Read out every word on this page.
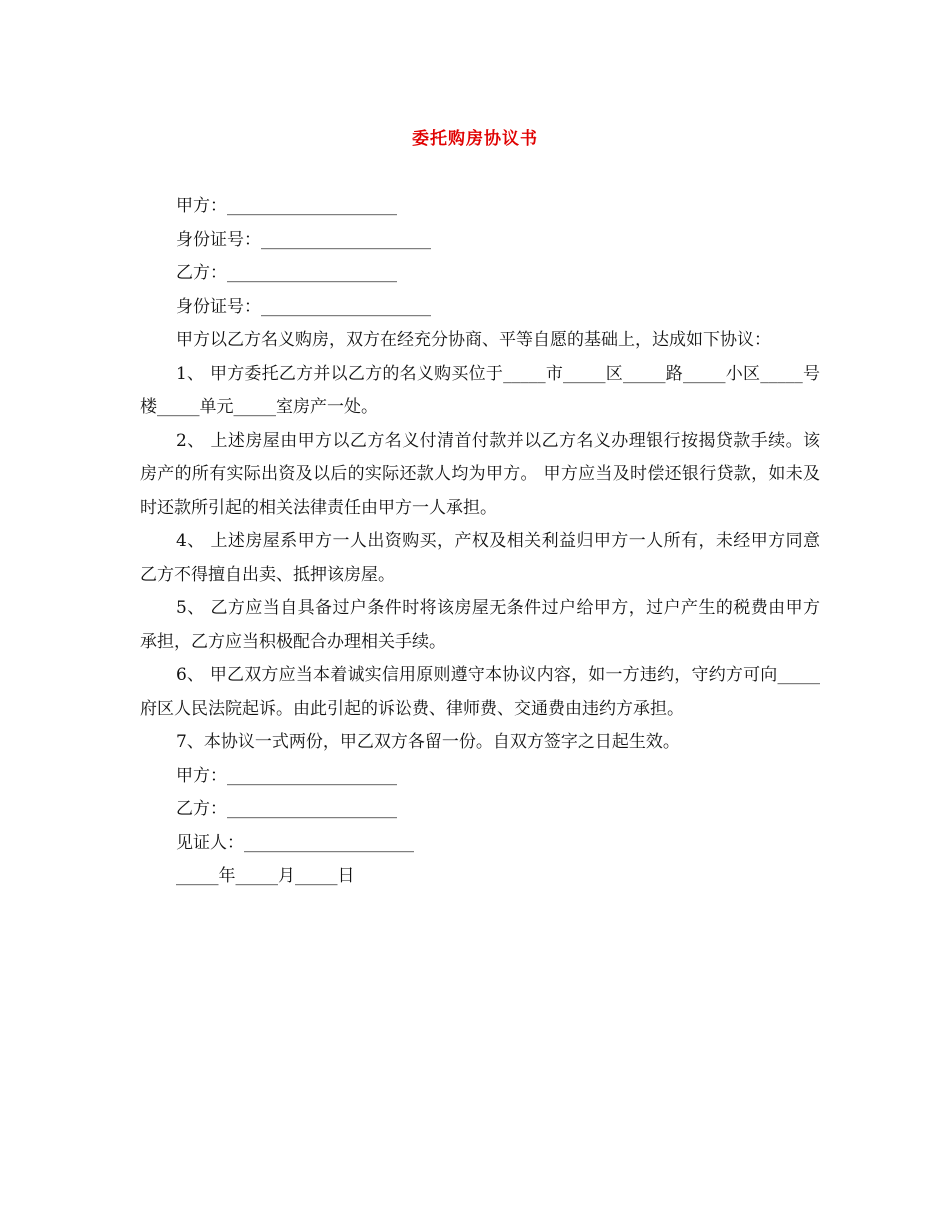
委托购房协议书

甲方：____________________

身份证号：____________________

乙方：____________________

身份证号：____________________

甲方以乙方名义购房，双方在经充分协商、平等自愿的基础上，达成如下协议：

1、 甲方委托乙方并以乙方的名义购买位于_____市_____区_____路_____小区_____号楼_____单元_____室房产一处。

2、 上述房屋由甲方以乙方名义付清首付款并以乙方名义办理银行按揭贷款手续。该房产的所有实际出资及以后的实际还款人均为甲方。 甲方应当及时偿还银行贷款，如未及时还款所引起的相关法律责任由甲方一人承担。

4、 上述房屋系甲方一人出资购买，产权及相关利益归甲方一人所有，未经甲方同意乙方不得擅自出卖、抵押该房屋。

5、 乙方应当自具备过户条件时将该房屋无条件过户给甲方，过户产生的税费由甲方承担，乙方应当积极配合办理相关手续。

6、 甲乙双方应当本着诚实信用原则遵守本协议内容，如一方违约，守约方可向_____府区人民法院起诉。由此引起的诉讼费、律师费、交通费由违约方承担。

7、本协议一式两份，甲乙双方各留一份。自双方签字之日起生效。

甲方：____________________

乙方：____________________

见证人：____________________

_____年_____月_____日
